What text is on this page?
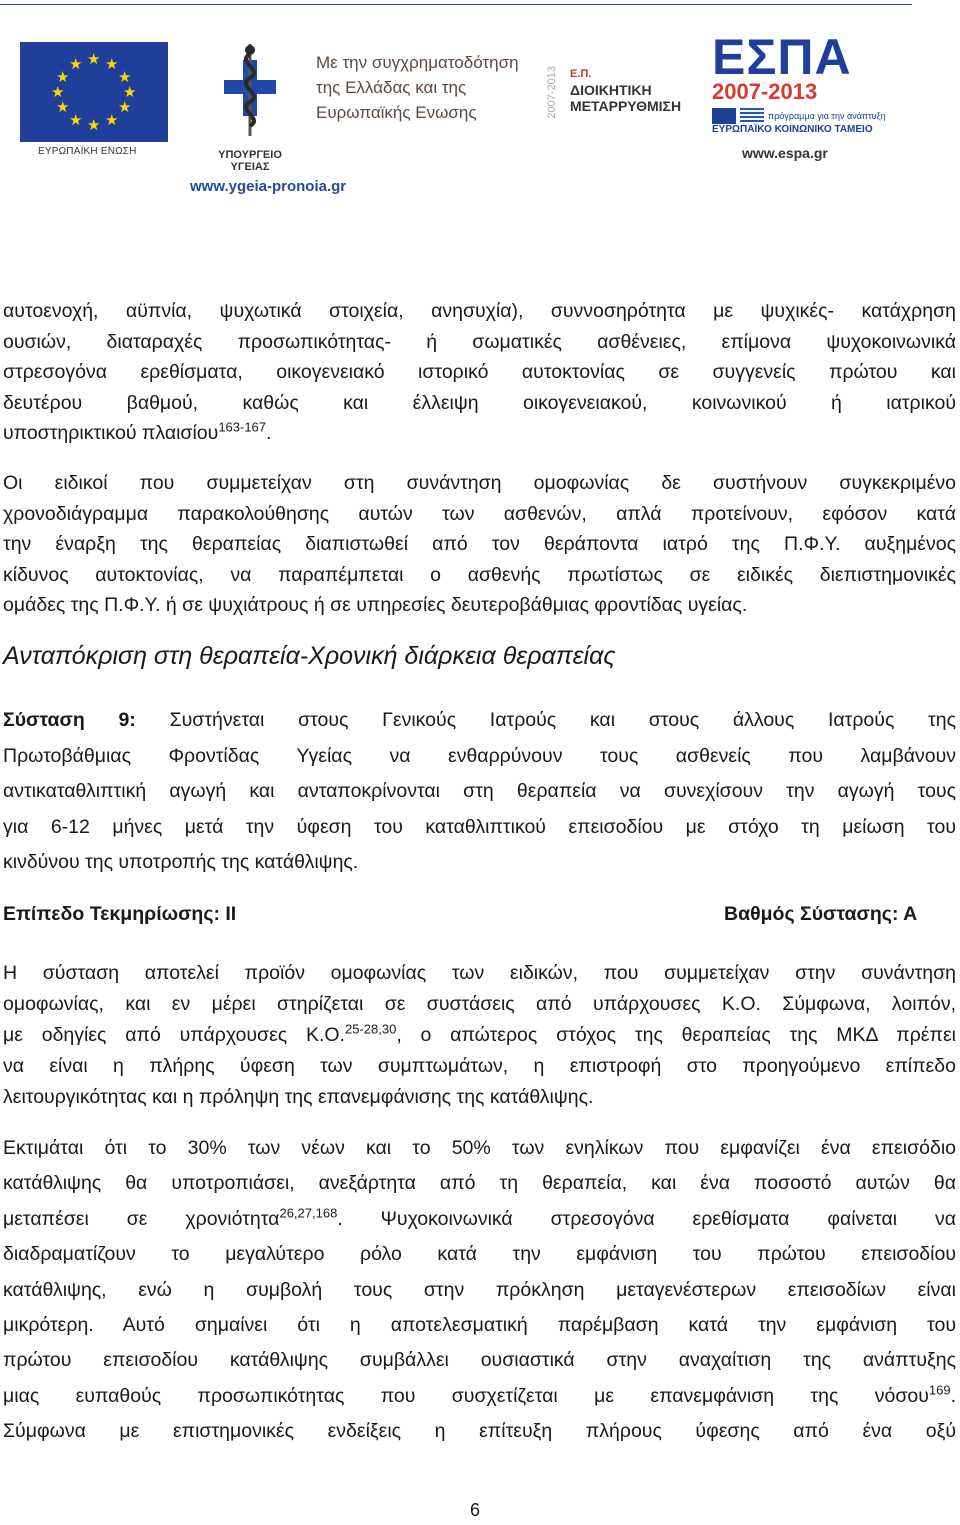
★ ★
★
★
★
★
★
★
★
★
★
★
ΕΥΡΩΠΑΪΚΗ ΕΝΩΣΗ	ΥΠΟΥΡΓΕΙΟ ΥΓΕΙΑΣ
Με την συγχρηματοδότηση
της Ελλάδας και της
Ευρωπαϊκής Ενωσης
www.ygeia-pronoia.gr
2007-2013 Ε.Π.
ΔΙΟΙΚΗΤΙΚΗ
ΜΕΤΑΡΡΥΘΜΙΣΗ
ΕΣΠΑ
2007-2013
πρόγραμμα για την ανάπτυξη
ΕΥΡΩΠΑΪΚΟ ΚΟΙΝΩΝΙΚΟ ΤΑΜΕΙΟ
www.espa.gr
αυτοενοχή, αϋπνία, ψυχωτικά στοιχεία, ανησυχία), συννοσηρότητα με ψυχικές- κατάχρηση
ουσιών, διαταραχές προσωπικότητας- ή σωματικές ασθένειες, επίμονα ψυχοκοινωνικά
στρεσογόνα ερεθίσματα, οικογενειακό ιστορικό αυτοκτονίας σε συγγενείς πρώτου και
δευτέρου βαθμού, καθώς και έλλειψη οικογενειακού, κοινωνικού ή ιατρικού
υποστηρικτικού πλαισίου$^{163-167}$.
Οι ειδικοί που συμμετείχαν στη συνάντηση ομοφωνίας δε συστήνουν συγκεκριμένο
χρονοδιάγραμμα παρακολούθησης αυτών των ασθενών, απλά προτείνουν, εφόσον κατά
την έναρξη της θεραπείας διαπιστωθεί από τον θεράποντα ιατρό της Π.Φ.Υ. αυξημένος
κίδυνος αυτοκτονίας, να παραπέμπεται ο ασθενής πρωτίστως σε ειδικές διεπιστημονικές
ομάδες της Π.Φ.Υ. ή σε ψυχιάτρους ή σε υπηρεσίες δευτεροβάθμιας φροντίδας υγείας.
Ανταπόκριση στη θεραπεία-Χρονική διάρκεια θεραπείας
Σύσταση 9: Συστήνεται στους Γενικούς Ιατρούς και στους άλλους Ιατρούς της
Πρωτοβάθμιας Φροντίδας Υγείας να ενθαρρύνουν τους ασθενείς που λαμβάνουν
αντικαταθλιπτική αγωγή και ανταποκρίνονται στη θεραπεία να συνεχίσουν την αγωγή τους
για 6-12 μήνες μετά την ύφεση του καταθλιπτικού επεισοδίου με στόχο τη μείωση του
κινδύνου της υποτροπής της κατάθλιψης.
Επίπεδο Τεκμηρίωσης: ΙΙ	Βαθμός Σύστασης: Α
Η σύσταση αποτελεί προϊόν ομοφωνίας των ειδικών, που συμμετείχαν στην συνάντηση
ομοφωνίας, και εν μέρει στηρίζεται σε συστάσεις από υπάρχουσες Κ.Ο. Σύμφωνα, λοιπόν,
με οδηγίες από υπάρχουσες Κ.Ο.$^{25-28,30}$, ο απώτερος στόχος της θεραπείας της ΜΚΔ πρέπει
να είναι η πλήρης ύφεση των συμπτωμάτων, η επιστροφή στο προηγούμενο επίπεδο
λειτουργικότητας και η πρόληψη της επανεμφάνισης της κατάθλιψης.
Εκτιμάται ότι το 30% των νέων και το 50% των ενηλίκων που εμφανίζει ένα επεισόδιο
κατάθλιψης θα υποτροπιάσει, ανεξάρτητα από τη θεραπεία, και ένα ποσοστό αυτών θα
μεταπέσει σε χρονιότητα$^{26,27,168}$. Ψυχοκοινωνικά στρεσογόνα ερεθίσματα φαίνεται να
διαδραματίζουν το μεγαλύτερο ρόλο κατά την εμφάνιση του πρώτου επεισοδίου
κατάθλιψης, ενώ η συμβολή τους στην πρόκληση μεταγενέστερων επεισοδίων είναι
μικρότερη. Αυτό σημαίνει ότι η αποτελεσματική παρέμβαση κατά την εμφάνιση του
πρώτου επεισοδίου κατάθλιψης συμβάλλει ουσιαστικά στην αναχαίτιση της ανάπτυξης
μιας ευπαθούς προσωπικότητας που συσχετίζεται με επανεμφάνιση της νόσου$^{169}$.
Σύμφωνα με επιστημονικές ενδείξεις η επίτευξη πλήρους ύφεσης από ένα οξύ
6
